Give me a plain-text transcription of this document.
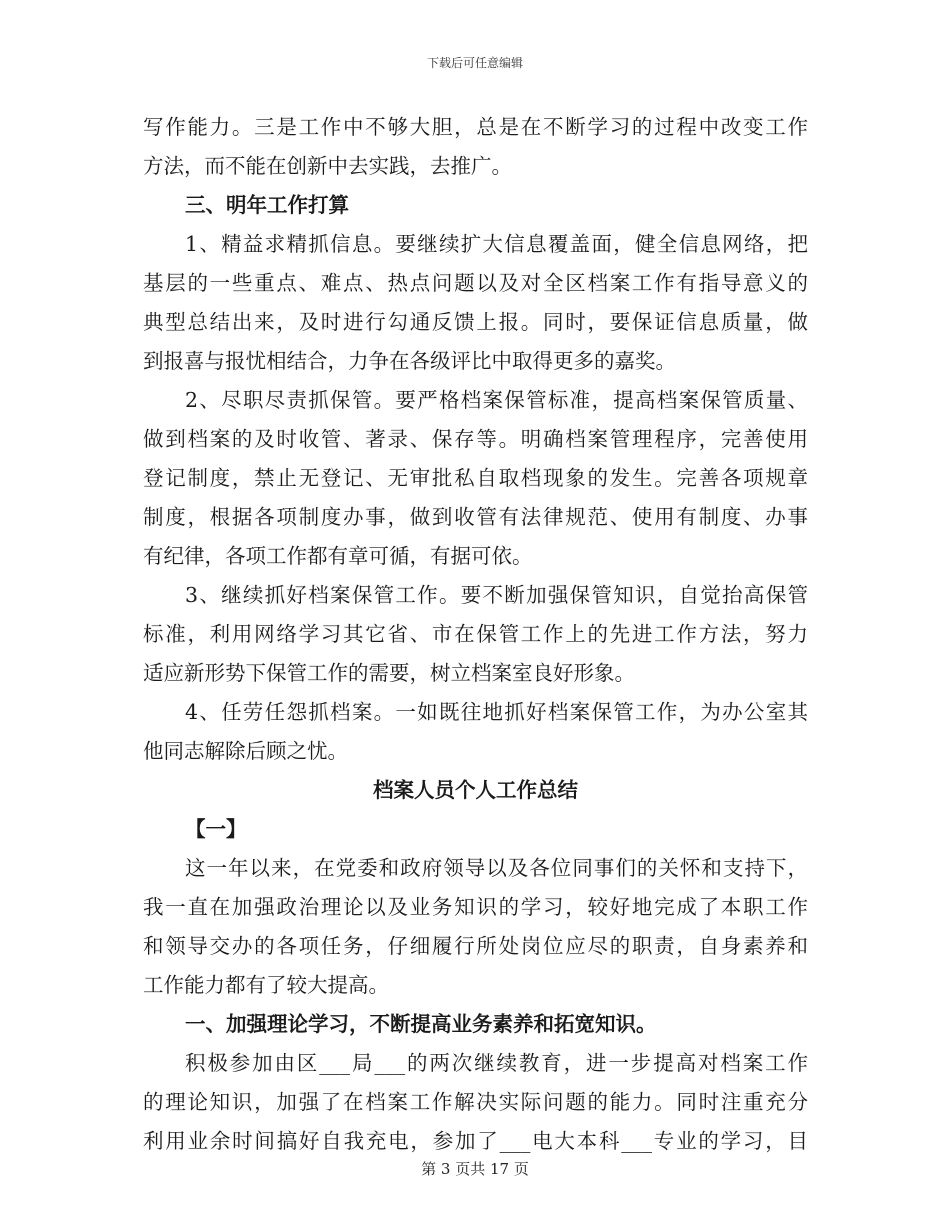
下载后可任意编辑
写作能力。三是工作中不够大胆，总是在不断学习的过程中改变工作
方法，而不能在创新中去实践，去推广。
三、明年工作打算
1、精益求精抓信息。要继续扩大信息覆盖面，健全信息网络，把
基层的一些重点、难点、热点问题以及对全区档案工作有指导意义的
典型总结出来，及时进行勾通反馈上报。同时，要保证信息质量，做
到报喜与报忧相结合，力争在各级评比中取得更多的嘉奖。
2、尽职尽责抓保管。要严格档案保管标准，提高档案保管质量、
做到档案的及时收管、著录、保存等。明确档案管理程序，完善使用
登记制度，禁止无登记、无审批私自取档现象的发生。完善各项规章
制度，根据各项制度办事，做到收管有法律规范、使用有制度、办事
有纪律，各项工作都有章可循，有据可依。
3、继续抓好档案保管工作。要不断加强保管知识，自觉抬高保管
标准，利用网络学习其它省、市在保管工作上的先进工作方法，努力
适应新形势下保管工作的需要，树立档案室良好形象。
4、任劳任怨抓档案。一如既往地抓好档案保管工作，为办公室其
他同志解除后顾之忧。
档案人员个人工作总结
【一】
这一年以来，在党委和政府领导以及各位同事们的关怀和支持下，
我一直在加强政治理论以及业务知识的学习，较好地完成了本职工作
和领导交办的各项任务，仔细履行所处岗位应尽的职责，自身素养和
工作能力都有了较大提高。
一、加强理论学习，不断提高业务素养和拓宽知识。
积极参加由区___局___的两次继续教育，进一步提高对档案工作
的理论知识，加强了在档案工作解决实际问题的能力。同时注重充分
利用业余时间搞好自我充电，参加了___电大本科___专业的学习，目
第 3 页共 17 页
